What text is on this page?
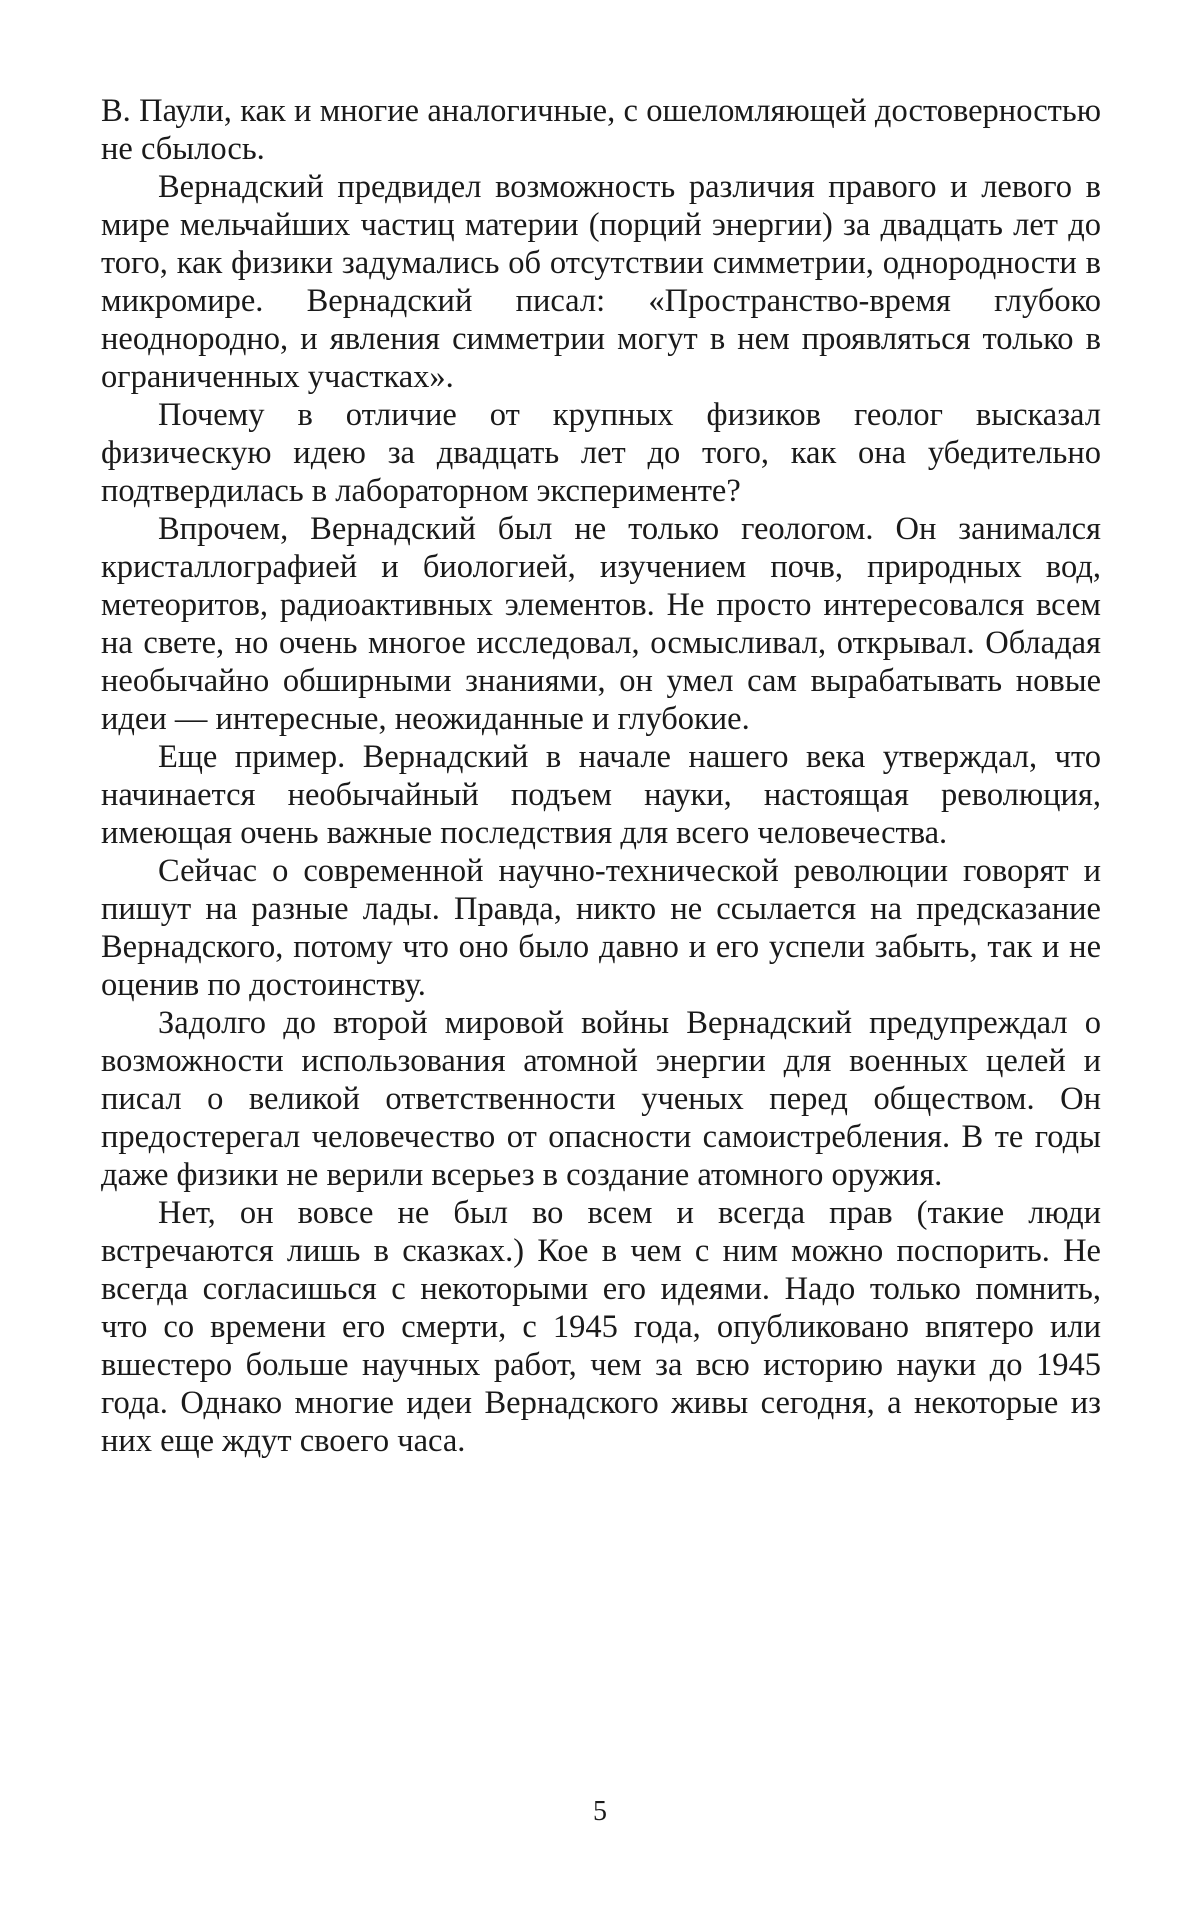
В. Паули, как и многие аналогичные, с ошеломляющей достоверностью не сбылось.

Вернадский предвидел возможность различия правого и левого в мире мельчайших частиц материи (порций энергии) за двадцать лет до того, как физики задумались об отсутствии симметрии, однородности в микромире. Вернадский писал: «Пространство-время глубоко неоднородно, и явления симметрии могут в нем проявляться только в ограниченных участках».

Почему в отличие от крупных физиков геолог высказал физическую идею за двадцать лет до того, как она убедительно подтвердилась в лабораторном эксперименте?

Впрочем, Вернадский был не только геологом. Он занимался кристаллографией и биологией, изучением почв, природных вод, метеоритов, радиоактивных элементов. Не просто интересовался всем на свете, но очень многое исследовал, осмысливал, открывал. Обладая необычайно обширными знаниями, он умел сам вырабатывать новые идеи — интересные, неожиданные и глубокие.

Еще пример. Вернадский в начале нашего века утверждал, что начинается необычайный подъем науки, настоящая революция, имеющая очень важные последствия для всего человечества.

Сейчас о современной научно-технической революции говорят и пишут на разные лады. Правда, никто не ссылается на предсказание Вернадского, потому что оно было давно и его успели забыть, так и не оценив по достоинству.

Задолго до второй мировой войны Вернадский предупреждал о возможности использования атомной энергии для военных целей и писал о великой ответственности ученых перед обществом. Он предостерегал человечество от опасности самоистребления. В те годы даже физики не верили всерьез в создание атомного оружия.

Нет, он вовсе не был во всем и всегда прав (такие люди встречаются лишь в сказках.) Кое в чем с ним можно поспорить. Не всегда согласишься с некоторыми его идеями. Надо только помнить, что со времени его смерти, с 1945 года, опубликовано впятеро или вшестеро больше научных работ, чем за всю историю науки до 1945 года. Однако многие идеи Вернадского живы сегодня, а некоторые из них еще ждут своего часа.

5
